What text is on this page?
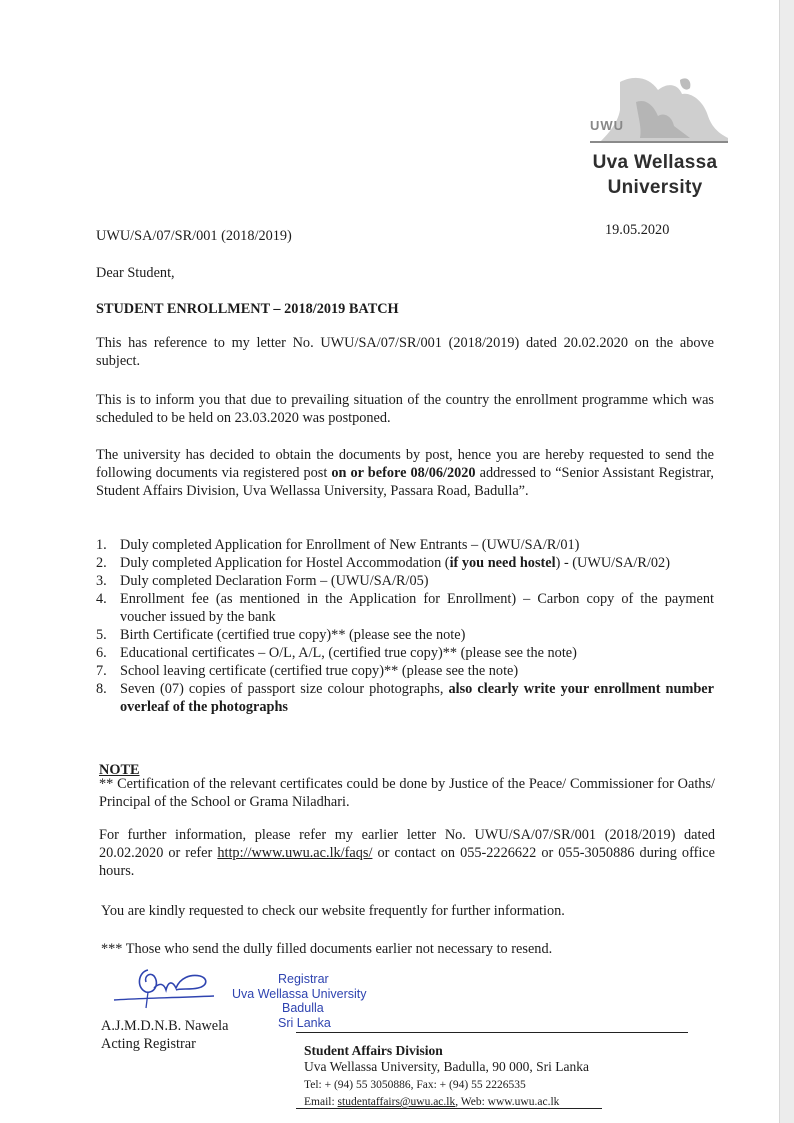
UWU
Uva Wellassa
University
UWU/SA/07/SR/001 (2018/2019)	19.05.2020
Dear Student,
STUDENT ENROLLMENT – 2018/2019 BATCH
This has reference to my letter No. UWU/SA/07/SR/001 (2018/2019) dated 20.02.2020 on the above subject.
This is to inform you that due to prevailing situation of the country the enrollment programme which was scheduled to be held on 23.03.2020 was postponed.
The university has decided to obtain the documents by post, hence you are hereby requested to send the following documents via registered post on or before 08/06/2020 addressed to “Senior Assistant Registrar, Student Affairs Division, Uva Wellassa University, Passara Road, Badulla”.
1. Duly completed Application for Enrollment of New Entrants – (UWU/SA/R/01)
2. Duly completed Application for Hostel Accommodation (if you need hostel) - (UWU/SA/R/02)
3. Duly completed Declaration Form – (UWU/SA/R/05)
4. Enrollment fee (as mentioned in the Application for Enrollment) – Carbon copy of the payment voucher issued by the bank
5. Birth Certificate (certified true copy)** (please see the note)
6. Educational certificates – O/L, A/L, (certified true copy)** (please see the note)
7. School leaving certificate (certified true copy)** (please see the note)
8. Seven (07) copies of passport size colour photographs, also clearly write your enrollment number overleaf of the photographs
NOTE
** Certification of the relevant certificates could be done by Justice of the Peace/ Commissioner for Oaths/ Principal of the School or Grama Niladhari.
For further information, please refer my earlier letter No. UWU/SA/07/SR/001 (2018/2019) dated 20.02.2020 or refer http://www.uwu.ac.lk/faqs/ or contact on 055-2226622 or 055-3050886 during office hours.
You are kindly requested to check our website frequently for further information.
*** Those who send the dully filled documents earlier not necessary to resend.
Registrar
Uva Wellassa University
Badulla
Sri Lanka
A.J.M.D.N.B. Nawela
Acting Registrar	Student Affairs Division
Uva Wellassa University, Badulla, 90 000, Sri Lanka
Tel: + (94) 55 3050886, Fax: + (94) 55 2226535
Email: studentaffairs@uwu.ac.lk, Web: www.uwu.ac.lk
